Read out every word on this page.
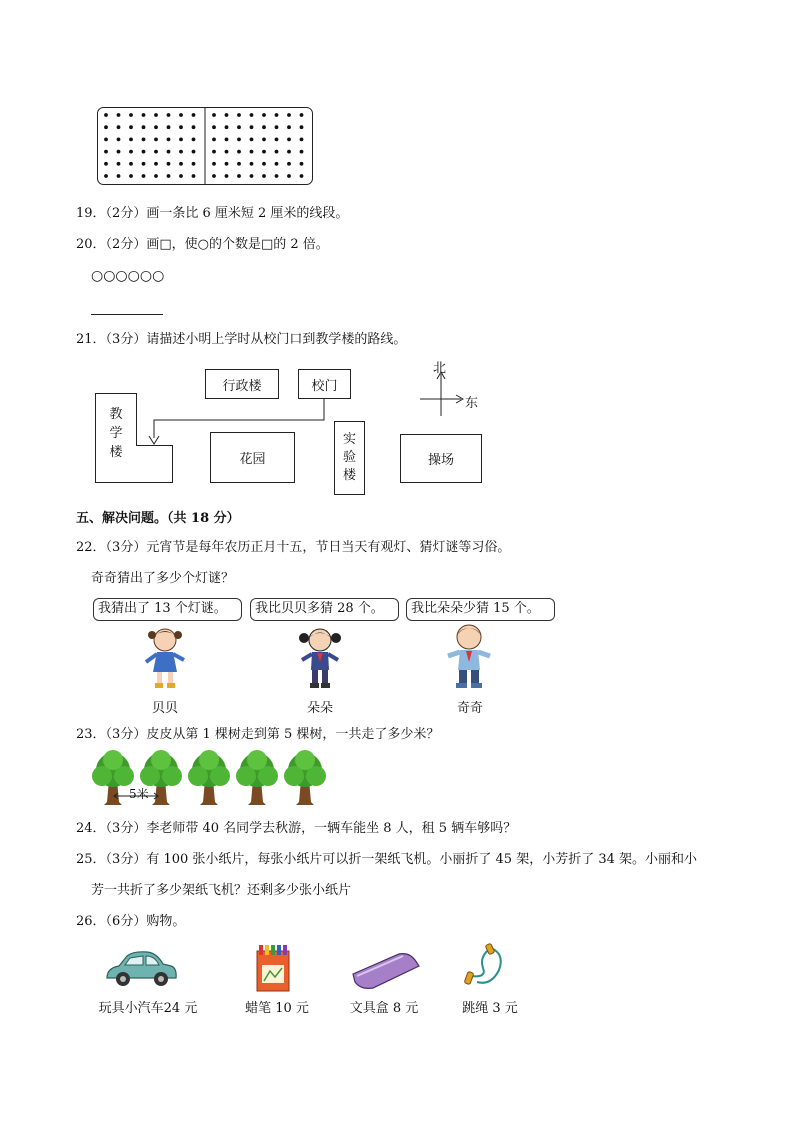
19．（2分）画一条比 6 厘米短 2 厘米的线段。
20．（2分）画□，使○的个数是□的 2 倍。
○○○○○○
21．（3分）请描述小明上学时从校门口到教学楼的路线。
行政楼	校门
教
学
楼	花园
实
验
楼
操场
北
东
五、解决问题。（共 18 分）
22．（3分）元宵节是每年农历正月十五，节日当天有观灯、猜灯谜等习俗。
奇奇猜出了多少个灯谜？
我猜出了 13 个灯谜。	我比贝贝多猜 28 个。	我比朵朵少猜 15 个。
贝贝	朵朵	奇奇
23．（3分）皮皮从第 1 棵树走到第 5 棵树，一共走了多少米？
5米
24．（3分）李老师带 40 名同学去秋游，一辆车能坐 8 人，租 5 辆车够吗？
25．（3分）有 100 张小纸片，每张小纸片可以折一架纸飞机。小丽折了 45 架，小芳折了 34 架。小丽和小
芳一共折了多少架纸飞机？还剩多少张小纸片
26．（6分）购物。
玩具小汽车24 元	蜡笔 10 元	文具盒 8 元	跳绳 3 元
